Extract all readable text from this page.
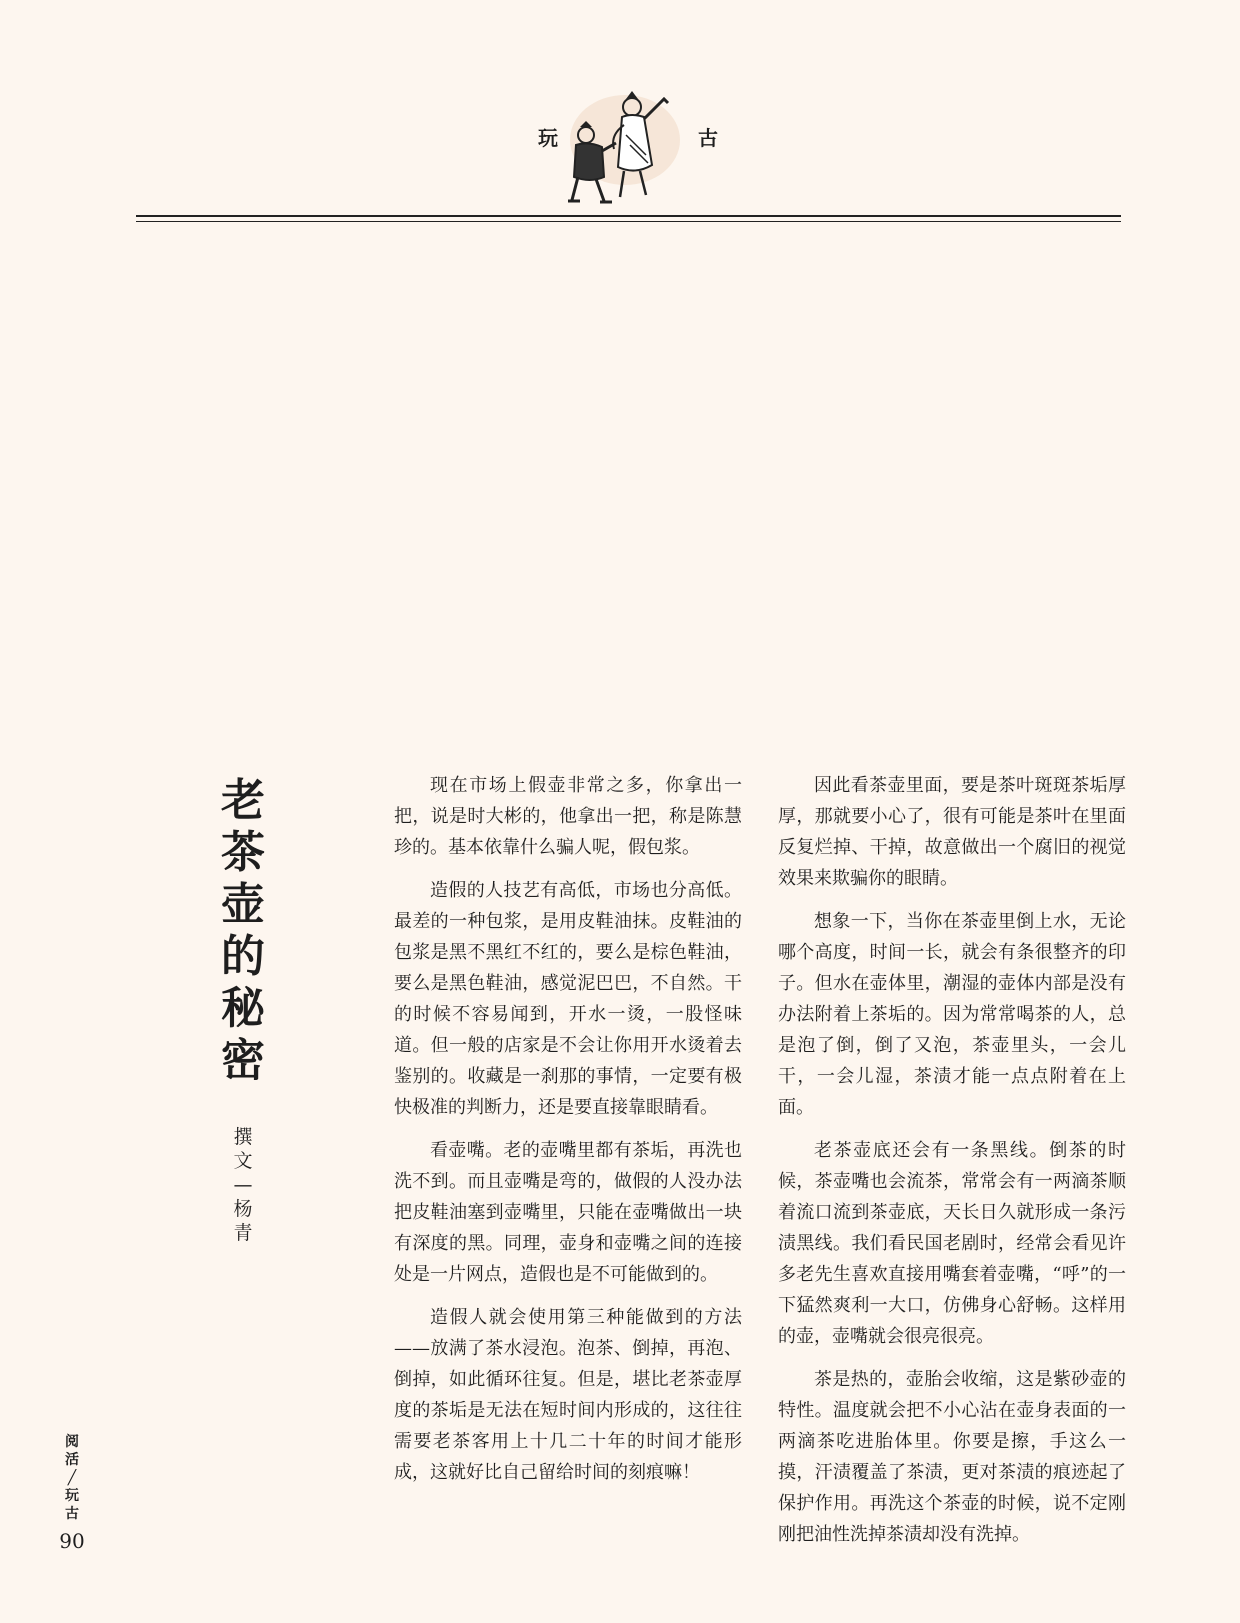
玩	古
老
茶
壶
的
秘
密
撰
文
—
杨
青

现在市场上假壶非常之多，你拿出一把，说是时大彬的，他拿出一把，称是陈慧珍的。基本依靠什么骗人呢，假包浆。

造假的人技艺有高低，市场也分高低。最差的一种包浆，是用皮鞋油抹。皮鞋油的包浆是黑不黑红不红的，要么是棕色鞋油，要么是黑色鞋油，感觉泥巴巴，不自然。干的时候不容易闻到，开水一烫，一股怪味道。但一般的店家是不会让你用开水烫着去鉴别的。收藏是一刹那的事情，一定要有极快极准的判断力，还是要直接靠眼睛看。

看壶嘴。老的壶嘴里都有茶垢，再洗也洗不到。而且壶嘴是弯的，做假的人没办法把皮鞋油塞到壶嘴里，只能在壶嘴做出一块有深度的黑。同理，壶身和壶嘴之间的连接处是一片网点，造假也是不可能做到的。

造假人就会使用第三种能做到的方法——放满了茶水浸泡。泡茶、倒掉，再泡、倒掉，如此循环往复。但是，堪比老茶壶厚度的茶垢是无法在短时间内形成的，这往往需要老茶客用上十几二十年的时间才能形成，这就好比自己留给时间的刻痕嘛！

因此看茶壶里面，要是茶叶斑斑茶垢厚厚，那就要小心了，很有可能是茶叶在里面反复烂掉、干掉，故意做出一个腐旧的视觉效果来欺骗你的眼睛。

想象一下，当你在茶壶里倒上水，无论哪个高度，时间一长，就会有条很整齐的印子。但水在壶体里，潮湿的壶体内部是没有办法附着上茶垢的。因为常常喝茶的人，总是泡了倒，倒了又泡，茶壶里头，一会儿干，一会儿湿，茶渍才能一点点附着在上面。

老茶壶底还会有一条黑线。倒茶的时候，茶壶嘴也会流茶，常常会有一两滴茶顺着流口流到茶壶底，天长日久就形成一条污渍黑线。我们看民国老剧时，经常会看见许多老先生喜欢直接用嘴套着壶嘴，“呼”的一下猛然爽利一大口，仿佛身心舒畅。这样用的壶，壶嘴就会很亮很亮。

茶是热的，壶胎会收缩，这是紫砂壶的特性。温度就会把不小心沾在壶身表面的一两滴茶吃进胎体里。你要是擦，手这么一摸，汗渍覆盖了茶渍，更对茶渍的痕迹起了保护作用。再洗这个茶壶的时候，说不定刚刚把油性洗掉茶渍却没有洗掉。

阅
活
╱
玩
古
90
